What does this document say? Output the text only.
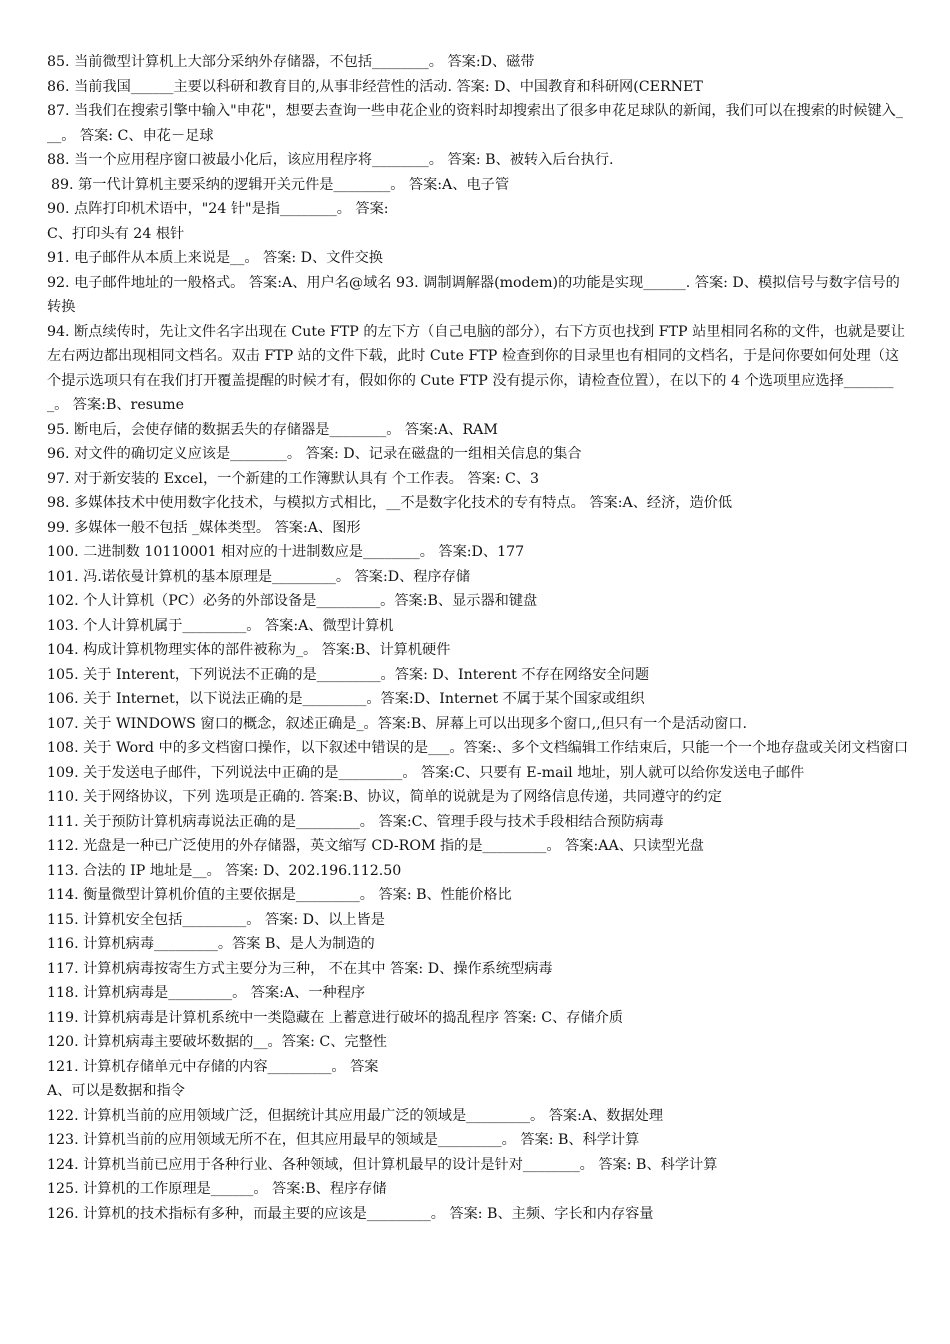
85. 当前微型计算机上大部分采纳外存储器，不包括________。 答案:D、磁带

86. 当前我国______主要以科研和教育目的,从事非经营性的活动. 答案: D、中国教育和科研网(CERNET

87. 当我们在搜索引擎中输入"申花"，想要去查询一些申花企业的资料时却搜索出了很多申花足球队的新闻，我们可以在搜索的时候键入___。 答案: C、申花－足球

88. 当一个应用程序窗口被最小化后，该应用程序将________。 答案: B、被转入后台执行.

89. 第一代计算机主要采纳的逻辑开关元件是________。 答案:A、电子管

90. 点阵打印机术语中，"24 针"是指________。 答案:

C、打印头有 24 根针

91. 电子邮件从本质上来说是__。 答案: D、文件交换

92. 电子邮件地址的一般格式。 答案:A、用户名@域名 93. 调制调解器(modem)的功能是实现______. 答案: D、模拟信号与数字信号的转换

94. 断点续传时，先让文件名字出现在 Cute FTP 的左下方（自己电脑的部分），右下方页也找到 FTP 站里相同名称的文件，也就是要让左右两边都出现相同文档名。双击 FTP 站的文件下载，此时 Cute FTP 检查到你的目录里也有相同的文档名，于是问你要如何处理（这个提示选项只有在我们打开覆盖提醒的时候才有，假如你的 Cute FTP 没有提示你，请检查位置），在以下的 4 个选项里应选择________。 答案:B、resume

95. 断电后，会使存储的数据丢失的存储器是________。 答案:A、RAM

96. 对文件的确切定义应该是________。 答案: D、记录在磁盘的一组相关信息的集合

97. 对于新安装的 Excel，一个新建的工作簿默认具有 个工作表。 答案: C、3

98. 多媒体技术中使用数字化技术，与模拟方式相比，__不是数字化技术的专有特点。 答案:A、经济，造价低

99. 多媒体一般不包括 _媒体类型。 答案:A、图形

100. 二进制数 10110001 相对应的十进制数应是________。 答案:D、177

101. 冯.诺依曼计算机的基本原理是_________。 答案:D、程序存储

102. 个人计算机（PC）必务的外部设备是_________。答案:B、显示器和键盘

103. 个人计算机属于_________。 答案:A、微型计算机

104. 构成计算机物理实体的部件被称为_。 答案:B、计算机硬件

105. 关于 Interent，下列说法不正确的是_________。答案: D、Interent 不存在网络安全问题

106. 关于 Internet，以下说法正确的是_________。答案:D、Internet 不属于某个国家或组织

107. 关于 WINDOWS 窗口的概念，叙述正确是_。答案:B、屏幕上可以出现多个窗口,,但只有一个是活动窗口.

108. 关于 Word 中的多文档窗口操作，以下叙述中错误的是___。答案:、多个文档编辑工作结束后，只能一个一个地存盘或关闭文档窗口

109. 关于发送电子邮件，下列说法中正确的是_________。 答案:C、只要有 E-mail 地址，别人就可以给你发送电子邮件

110. 关于网络协议，下列 选项是正确的. 答案:B、协议，简单的说就是为了网络信息传递，共同遵守的约定

111. 关于预防计算机病毒说法正确的是_________。 答案:C、管理手段与技术手段相结合预防病毒

112. 光盘是一种已广泛使用的外存储器，英文缩写 CD-ROM 指的是_________。 答案:AA、只读型光盘

113. 合法的 IP 地址是__。 答案: D、202.196.112.50

114. 衡量微型计算机价值的主要依据是_________。 答案: B、性能价格比

115. 计算机安全包括_________。 答案: D、以上皆是

116. 计算机病毒_________。答案 B、是人为制造的

117. 计算机病毒按寄生方式主要分为三种， 不在其中 答案: D、操作系统型病毒

118. 计算机病毒是_________。 答案:A、一种程序

119. 计算机病毒是计算机系统中一类隐藏在 上蓄意进行破坏的捣乱程序 答案: C、存储介质

120. 计算机病毒主要破坏数据的__。答案: C、完整性

121. 计算机存储单元中存储的内容_________。 答案

A、可以是数据和指令

122. 计算机当前的应用领域广泛，但据统计其应用最广泛的领域是_________。 答案:A、数据处理

123. 计算机当前的应用领域无所不在，但其应用最早的领域是_________。 答案: B、科学计算

124. 计算机当前已应用于各种行业、各种领域，但计算机最早的设计是针对________。 答案: B、科学计算

125. 计算机的工作原理是______。 答案:B、程序存储

126. 计算机的技术指标有多种，而最主要的应该是_________。 答案: B、主频、字长和内存容量
